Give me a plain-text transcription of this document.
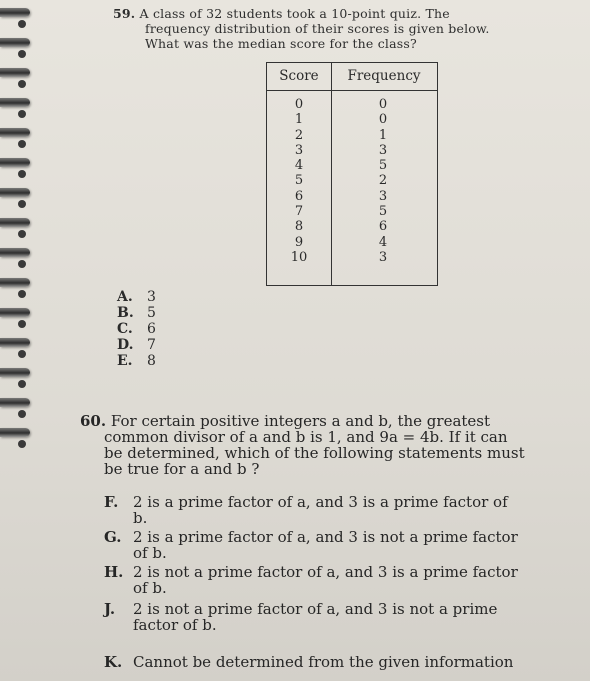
59. A class of 32 students took a 10-point quiz. The
frequency distribution of their scores is given below.
What was the median score for the class?
Score	Frequency
0
1
2
3
4
5
6
7
8
9
10
0
0
1
3
5
2
3
5
6
4
3
A. 3
B. 5
C. 6
D. 7
E. 8
60. For certain positive integers a and b, the greatest
common divisor of a and b is 1, and 9a = 4b. If it can
be determined, which of the following statements must
be true for a and b ?
F. 2 is a prime factor of a, and 3 is a prime factor of
b.
G. 2 is a prime factor of a, and 3 is not a prime factor
of b.
H. 2 is not a prime factor of a, and 3 is a prime factor
of b.
J. 2 is not a prime factor of a, and 3 is not a prime
factor of b.
K. Cannot be determined from the given information
